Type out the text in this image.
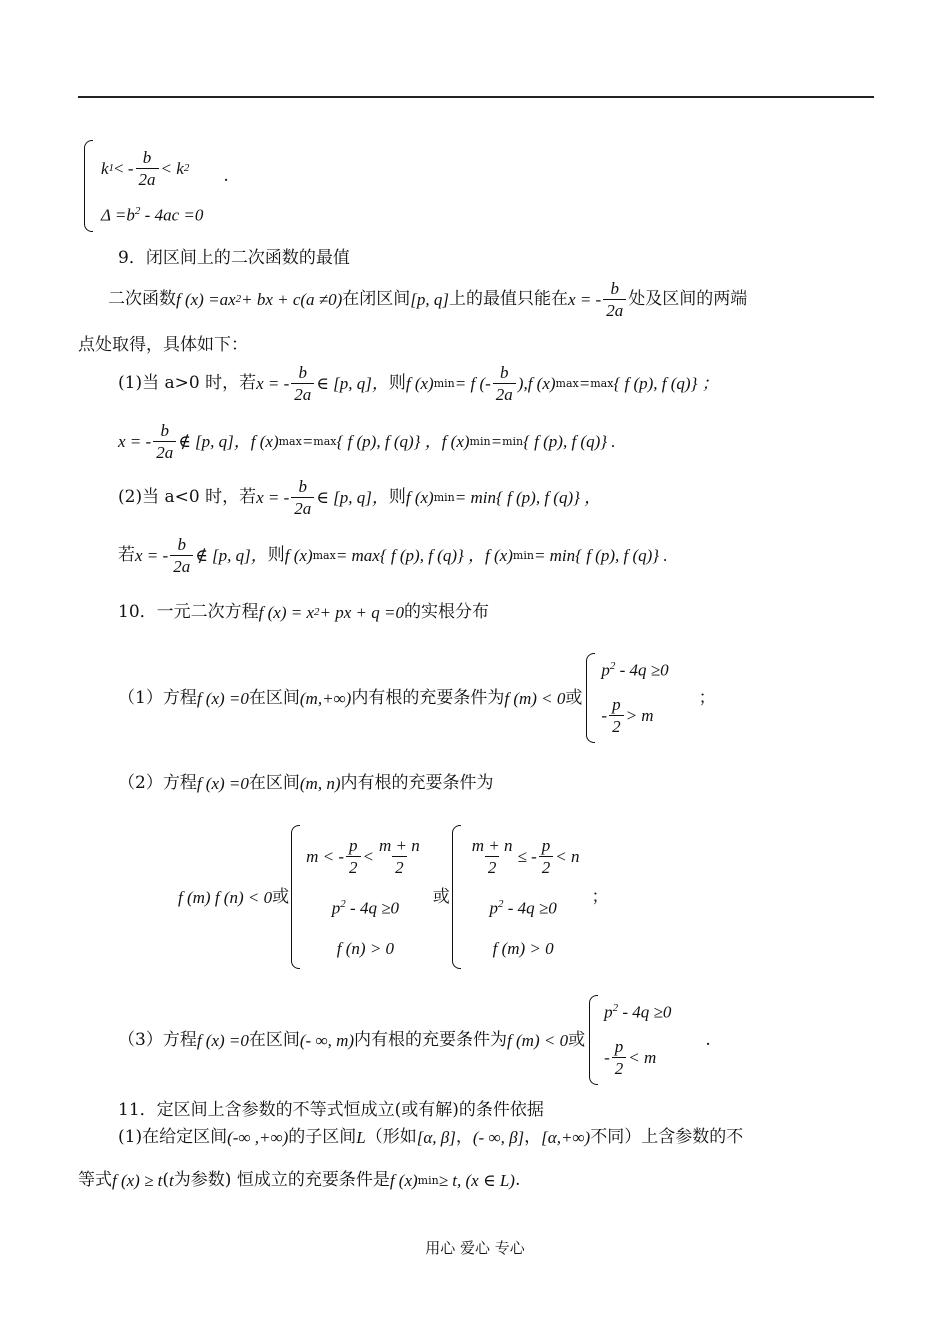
k 1 < - $\frac{b}{2a} < k$ 2
$\Delta =b^2 - 4ac =0$
.
9．闭区间上的二次函数的最值
二次函数 f (x) =ax 2 + bx + c(a ≠0) 在闭区间 [p, q] 上的最值只能在 x = - $\frac{b}{2a}$ 处及区间的两端
点处取得，具体如下：
(1)当 a>0 时，若 x = - $\frac{b}{2a}$ ∈ [p, q]， 则 f (x) min = f (- $\frac{b}{2a}$ ), f (x) max = max { f (p), f (q)} ；
x = - $\frac{b}{2a}$ ∉ [p, q]， f (x) max = max { f (p), f (q)} ， f (x) min = min { f (p), f (q)} .
(2)当 a<0 时，若 x = - $\frac{b}{2a}$ ∈ [p, q]， 则 f (x) min = min{ f (p), f (q)} ，
若 x = - $\frac{b}{2a}$ ∉ [p, q]， 则 f (x) max = max{ f (p), f (q)} ， f (x) min = min{ f (p), f (q)} .
10．一元二次方程 f (x) = x 2 + px + q =0 的实根分布
（1）方程 f (x) =0 在区间 (m,+∞) 内有根的充要条件为 f (m) < 0 或
$p^2 - 4q \ge 0$
- $\frac{p}{2} > m$
；
（2）方程 f (x) =0 在区间 (m, n) 内有根的充要条件为
f (m) f (n) < 0 或
m < - $\frac{p}{2} < \frac{m + n}{2}$
$p^2 - 4q \ge 0$
f (n) > 0
或
$\frac{m + n}{2}$ ≤ - $\frac{p}{2} < n$
$p^2 - 4q \ge 0$
f (m) > 0
；
（3）方程 f (x) =0 在区间 (- ∞, m) 内有根的充要条件为 f (m) < 0 或
$p^2 - 4q \ge 0$
- $\frac{p}{2} < m$
.
11．定区间上含参数的不等式恒成立(或有解)的条件依据
(1)在给定区间 (-∞ ,+∞) 的子区间 L （形如 [α, β] ， (- ∞, β] ， [α,+∞) 不同）上含参数的不
等式 f (x) ≥ t ( t 为参数) 恒成立的充要条件是 f (x) min ≥ t, (x ∈ L) .
用心 爱心 专心
